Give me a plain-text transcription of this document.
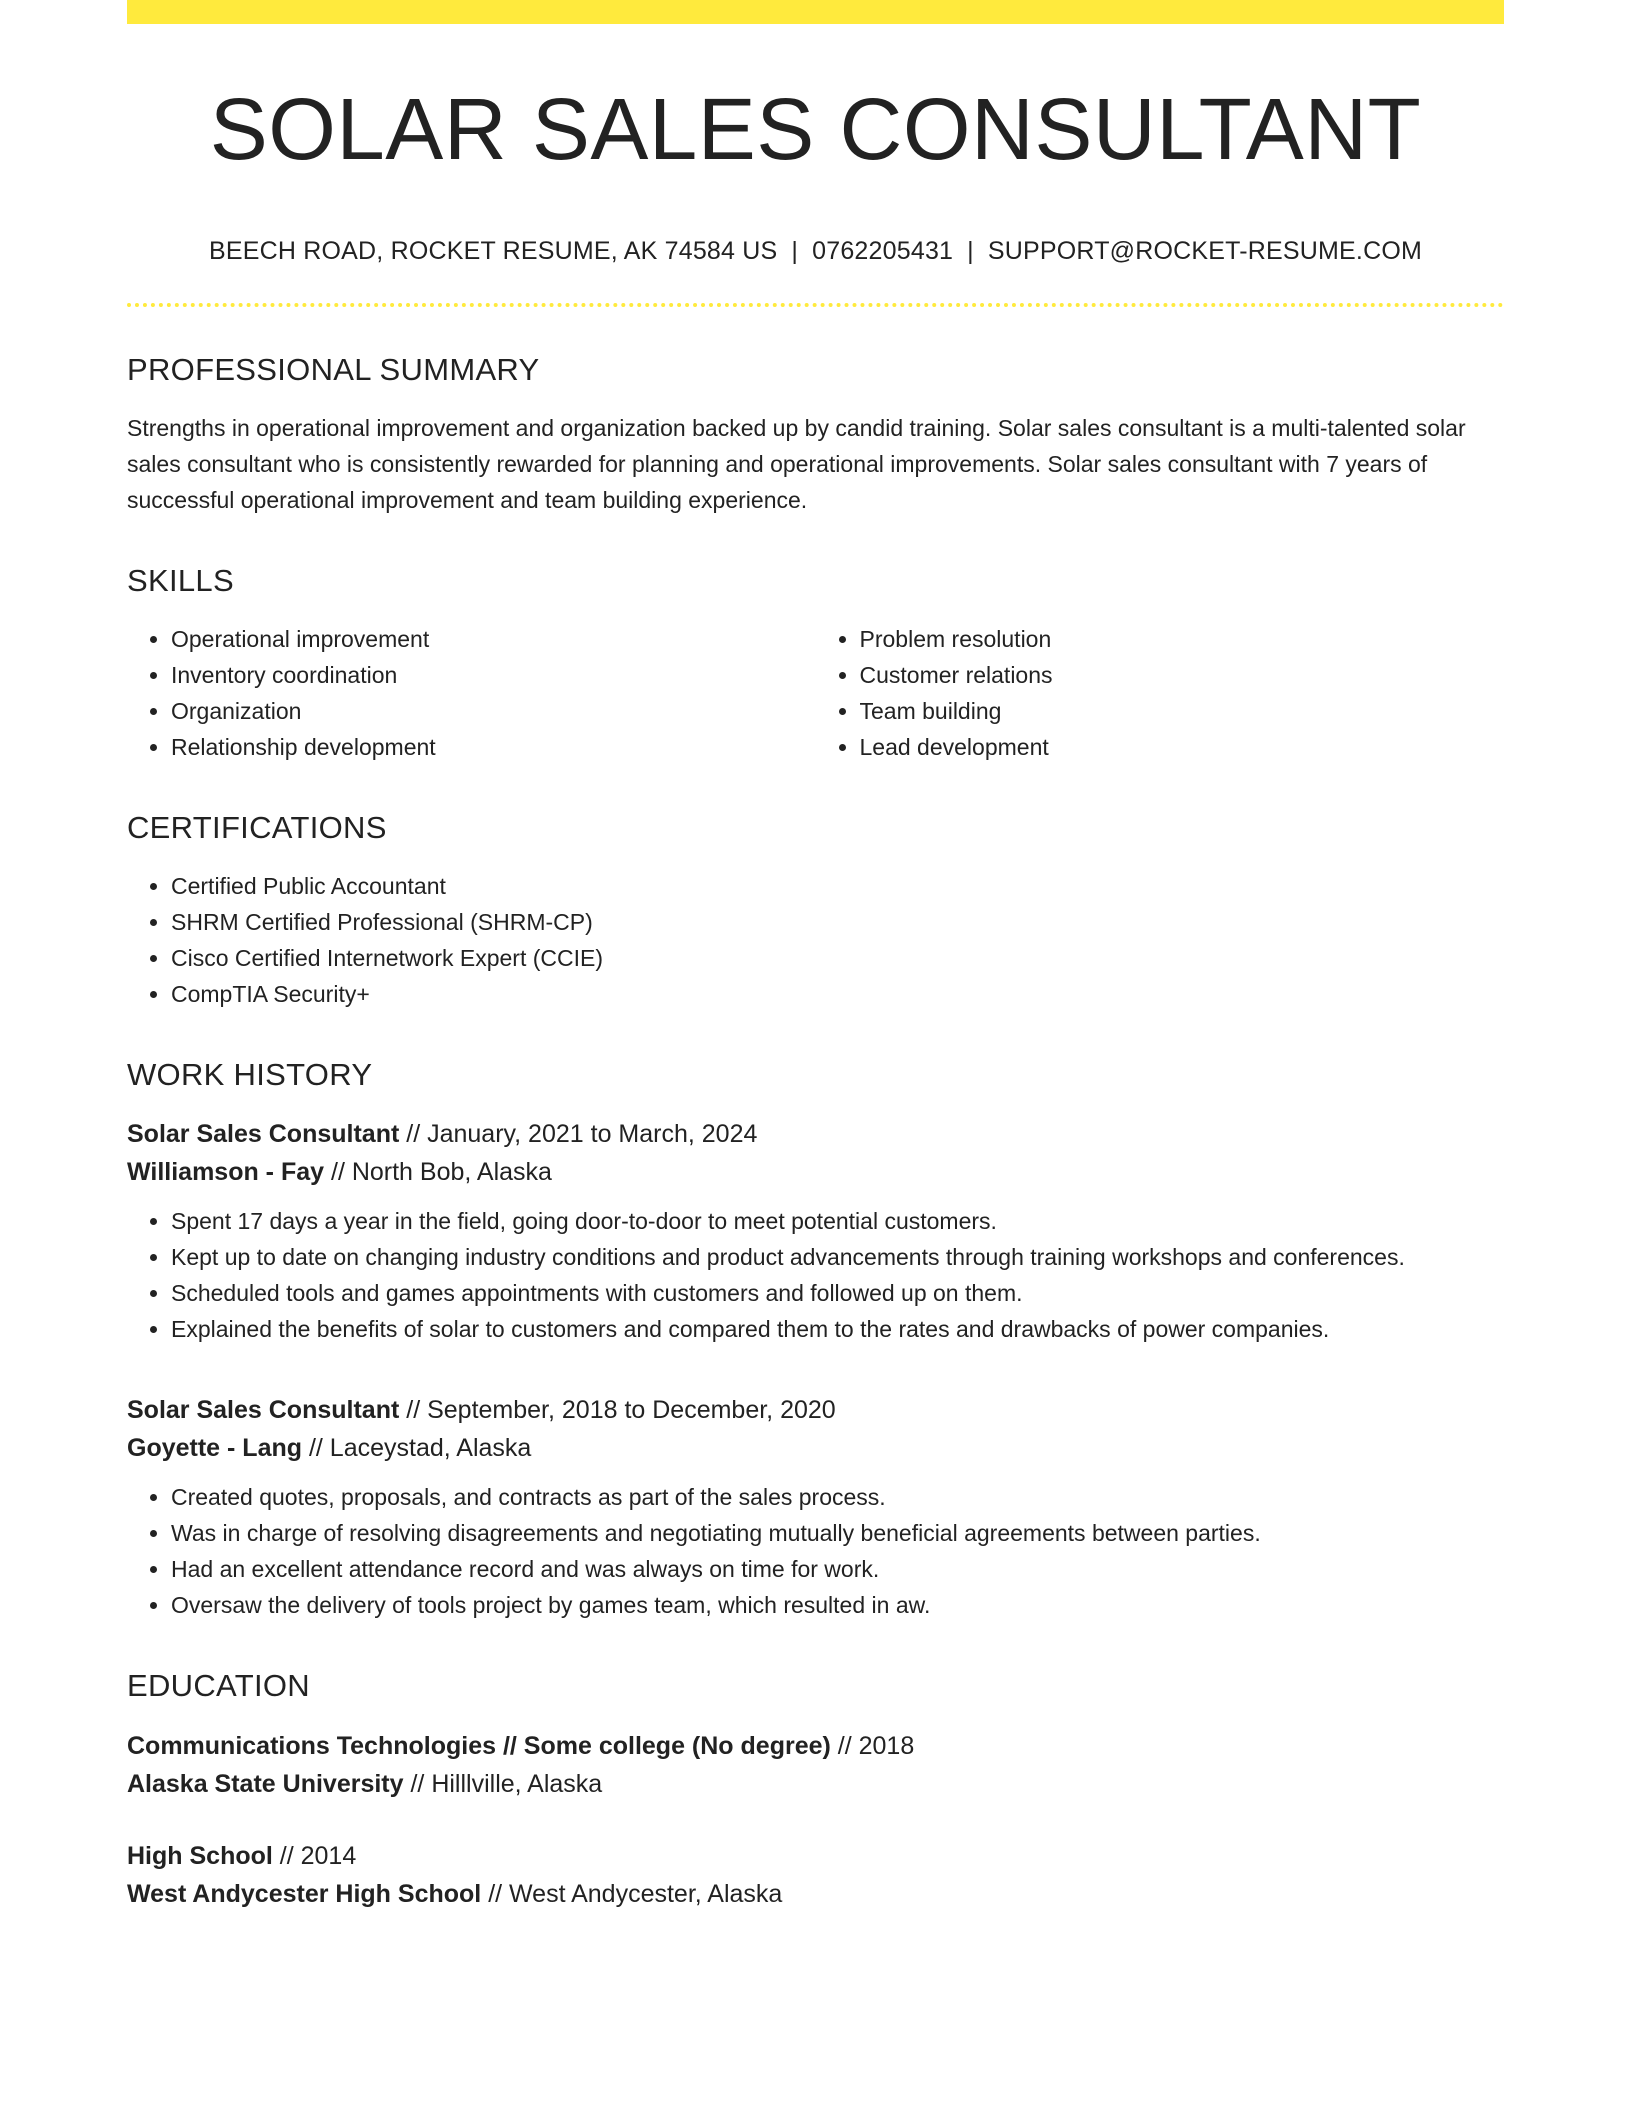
SOLAR SALES CONSULTANT
BEECH ROAD, ROCKET RESUME, AK 74584 US | 0762205431 | SUPPORT@ROCKET-RESUME.COM
PROFESSIONAL SUMMARY

Strengths in operational improvement and organization backed up by candid training. Solar sales consultant is a multi-talented solar sales consultant who is consistently rewarded for planning and operational improvements. Solar sales consultant with 7 years of successful operational improvement and team building experience.

SKILLS
• Operational improvement
• Inventory coordination
• Organization
• Relationship development
• Problem resolution
• Customer relations
• Team building
• Lead development
CERTIFICATIONS
• Certified Public Accountant
• SHRM Certified Professional (SHRM-CP)
• Cisco Certified Internetwork Expert (CCIE)
• CompTIA Security+
WORK HISTORY
Solar Sales Consultant // January, 2021 to March, 2024
Williamson - Fay // North Bob, Alaska
• Spent 17 days a year in the field, going door-to-door to meet potential customers.
• Kept up to date on changing industry conditions and product advancements through training workshops and conferences.
• Scheduled tools and games appointments with customers and followed up on them.
• Explained the benefits of solar to customers and compared them to the rates and drawbacks of power companies.
Solar Sales Consultant // September, 2018 to December, 2020
Goyette - Lang // Laceystad, Alaska
• Created quotes, proposals, and contracts as part of the sales process.
• Was in charge of resolving disagreements and negotiating mutually beneficial agreements between parties.
• Had an excellent attendance record and was always on time for work.
• Oversaw the delivery of tools project by games team, which resulted in aw.
EDUCATION
Communications Technologies // Some college (No degree) // 2018
Alaska State University // Hilllville, Alaska
High School // 2014
West Andycester High School // West Andycester, Alaska
